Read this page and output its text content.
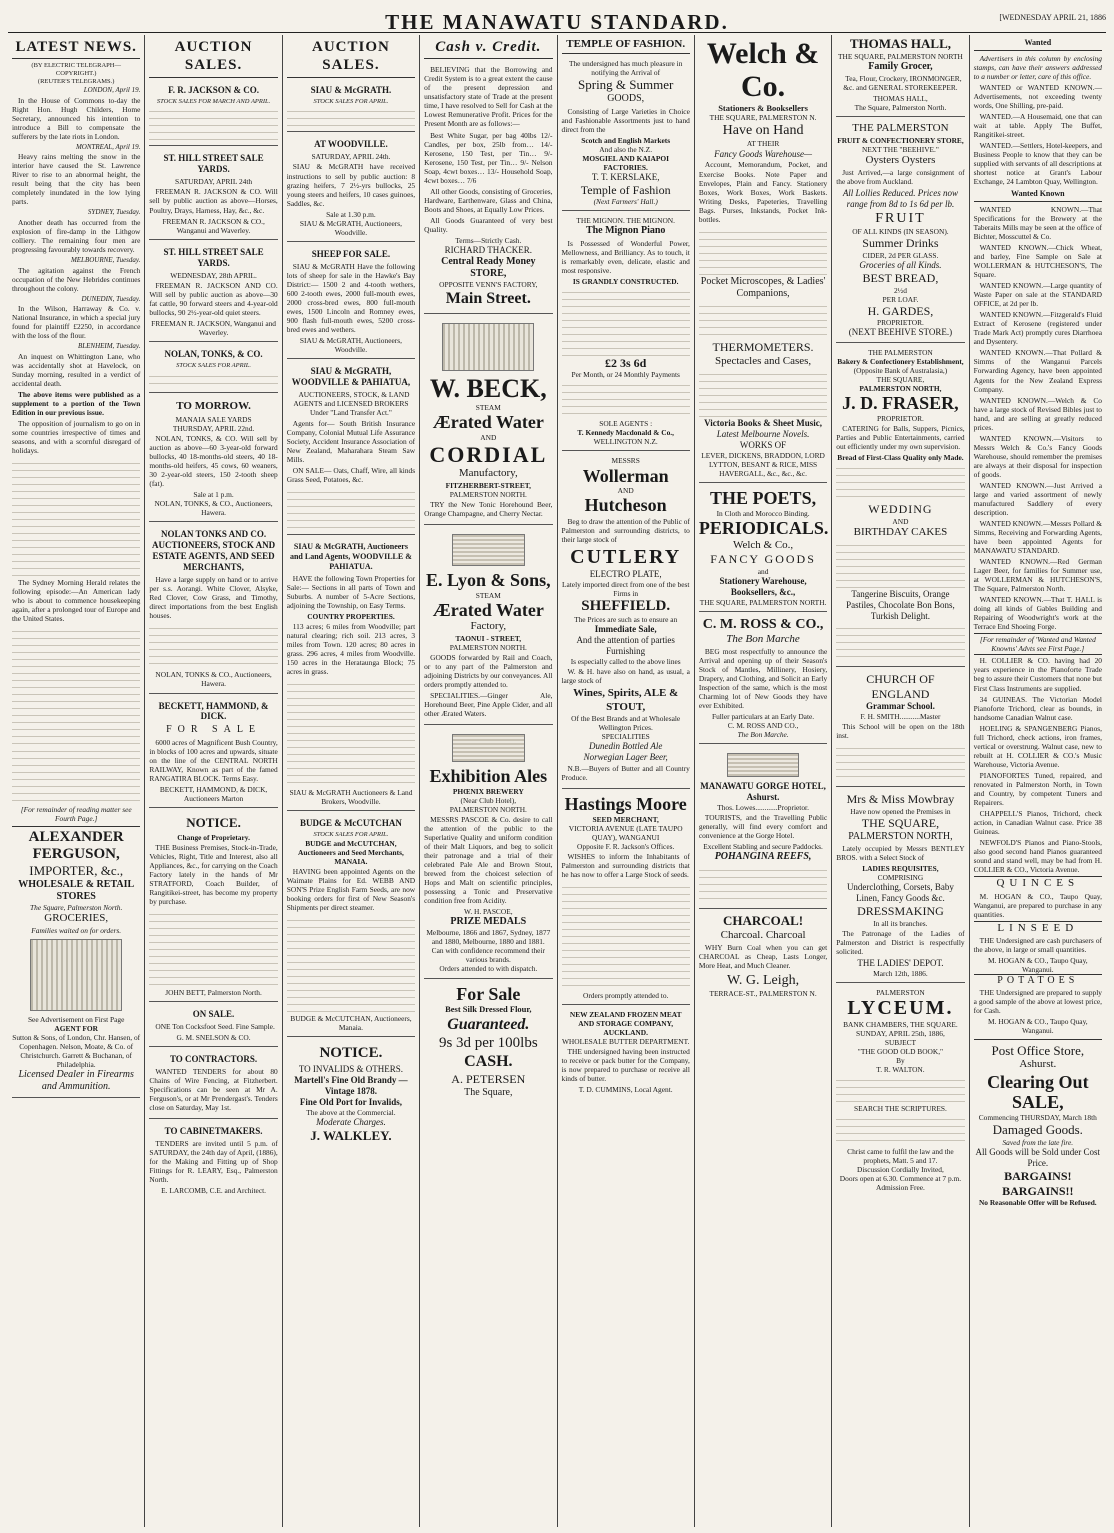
THE MANAWATU STANDARD.	[WEDNESDAY APRIL 21, 1886
LATEST NEWS.
(BY ELECTRIC TELEGRAPH—COPYRIGHT.)
(REUTER'S TELEGRAMS.)
LONDON, April 19.

In the House of Commons to-day the Right Hon. Hugh Childers, Home Secretary, announced his intention to introduce a Bill to compensate the sufferers by the late riots in London.

MONTREAL, April 19.

Heavy rains melting the snow in the interior have caused the St. Lawrence River to rise to an abnormal height, the result being that the city has been completely inundated in the low lying parts.

SYDNEY, Tuesday.

Another death has occurred from the explosion of fire-damp in the Lithgow colliery. The remaining four men are progressing favourably towards recovery.

MELBOURNE, Tuesday.

The agitation against the French occupation of the New Hebrides continues throughout the colony.

DUNEDIN, Tuesday.

In the Wilson, Harraway & Co. v. National Insurance, in which a special jury found for plaintiff £2250, in accordance with the loss of the flour.

BLENHEIM, Tuesday.

An inquest on Whittington Lane, who was accidentally shot at Havelock, on Sunday morning, resulted in a verdict of accidental death.

The above items were published as a supplement to a portion of the Town Edition in our previous issue.

The opposition of journalism to go on in some countries irrespective of times and seasons, and with a scornful disregard of holidays.

The Sydney Morning Herald relates the following episode:—An American lady who is about to commence housekeeping again, after a prolonged tour of Europe and the United States.

[For remainder of reading matter see Fourth Page.]
ALEXANDER FERGUSON,
IMPORTER, &c.,
WHOLESALE & RETAIL STORES
The Square, Palmerston North.
GROCERIES,
Families waited on for orders.
See Advertisement on First Page
AGENT FOR
Sutton & Sons, of London, Chr. Hansen, of Copenhagen. Nelson, Moate, & Co. of Christchurch. Garrett & Buchanan, of Philadelphia.
Licensed Dealer in Firearms and Ammunition.
AUCTION SALES.
F. R. JACKSON & CO.
STOCK SALES FOR MARCH AND APRIL.
ST. HILL STREET SALE YARDS.
SATURDAY, APRIL 24th

FREEMAN R. JACKSON & CO. Will sell by public auction as above—Horses, Poultry, Drays, Harness, Hay, &c., &c.

FREEMAN R. JACKSON & CO., Wanganui and Waverley.
ST. HILL STREET SALE YARDS.
WEDNESDAY, 28th APRIL.

FREEMAN R. JACKSON AND CO. Will sell by public auction as above—30 fat cattle, 90 forward steers and 4-year-old bullocks, 90 2½-year-old quiet steers.

FREEMAN R. JACKSON, Wanganui and Waverley.
NOLAN, TONKS, & CO.
STOCK SALES FOR APRIL.
TO MORROW.
MANAIA SALE YARDS
THURSDAY, APRIL 22nd.

NOLAN, TONKS, & CO. Will sell by auction as above—60 3-year-old forward bullocks, 40 18-months-old steers, 40 18-months-old heifers, 45 cows, 60 weaners, 30 2-year-old steers, 150 2-tooth sheep (fat).

Sale at 1 p.m.
NOLAN, TONKS, & CO., Auctioneers, Hawera.
NOLAN TONKS AND CO. AUCTIONEERS, STOCK AND ESTATE AGENTS, AND SEED MERCHANTS,

Have a large supply on hand or to arrive per s.s. Aorangi. White Clover, Alsyke, Red Clover, Cow Grass, and Timothy, direct importations from the best English houses.

NOLAN, TONKS & CO., Auctioneers, Hawera.
BECKETT, HAMMOND, & DICK.
FOR SALE

6000 acres of Magnificent Bush Country, in blocks of 100 acres and upwards, situate on the line of the CENTRAL NORTH RAILWAY, Known as part of the famed RANGATIRA BLOCK. Terms Easy.

BECKETT, HAMMOND, & DICK, Auctioneers Marton
NOTICE.
Change of Proprietary.

THE Business Premises, Stock-in-Trade, Vehicles, Right, Title and Interest, also all Appliances, &c., for carrying on the Coach Factory lately in the hands of Mr STRATFORD, Coach Builder, of Rangitikei-street, has become my property by purchase.

JOHN BETT, Palmerston North.
ON SALE.

ONE Ton Cocksfoot Seed. Fine Sample.

G. M. SNELSON & CO.
TO CONTRACTORS.

WANTED TENDERS for about 80 Chains of Wire Fencing, at Fitzherbert. Specifications can be seen at Mr A. Ferguson's, or at Mr Prendergast's. Tenders close on Saturday, May 1st.

TO CABINETMAKERS.

TENDERS are invited until 5 p.m. of SATURDAY, the 24th day of April, (1886), for the Making and Fitting up of Shop Fittings for R. LEARY, Esq., Palmerston North.

E. LARCOMB, C.E. and Architect.
AUCTION SALES.
SIAU & McGRATH.
STOCK SALES FOR APRIL.
AT WOODVILLE.
SATURDAY, APRIL 24th.

SIAU & McGRATH have received instructions to sell by public auction: 8 grazing heifers, 7 2½-yrs bullocks, 25 young steers and heifers, 10 cases guinoes, Saddles, &c.

Sale at 1.30 p.m.
SIAU & McGRATH, Auctioneers, Woodville.
SHEEP FOR SALE.

SIAU & McGRATH Have the following lots of sheep for sale in the Hawke's Bay District:— 1500 2 and 4-tooth wethers, 600 2-tooth ewes, 2000 full-mouth ewes, 2000 cross-bred ewes, 800 full-mouth ewes, 1500 Lincoln and Romney ewes, 900 flash full-mouth ewes, 5200 cross-bred ewes and wethers.

SIAU & McGRATH, Auctioneers, Woodville.
SIAU & McGRATH, WOODVILLE & PAHIATUA,

AUCTIONEERS, STOCK, & LAND AGENTS and LICENSED BROKERS Under "Land Transfer Act."

Agents for— South British Insurance Company, Colonial Mutual Life Assurance Society, Accident Insurance Association of New Zealand, Maharahara Steam Saw Mills.

ON SALE— Oats, Chaff, Wire, all kinds Grass Seed, Potatoes, &c.

SIAU & McGRATH, Auctioneers and Land Agents, WOODVILLE & PAHIATUA.

HAVE the following Town Properties for Sale:— Sections in all parts of Town and Suburbs. A number of 5-Acre Sections, adjoining the Township, on Easy Terms.

COUNTRY PROPERTIES.

113 acres; 6 miles from Woodville; part natural clearing; rich soil. 213 acres, 3 miles from Town. 120 acres; 80 acres in grass. 296 acres, 4 miles from Woodville. 150 acres in the Herataunga Block; 75 acres in grass.

SIAU & McGRATH Auctioneers & Land Brokers, Woodville.
BUDGE & McCUTCHAN
STOCK SALES FOR APRIL.
BUDGE and McCUTCHAN, Auctioneers and Seed Merchants, MANAIA.

HAVING been appointed Agents on the Waimate Plains for Ed. WEBB AND SON'S Prize English Farm Seeds, are now booking orders for first of New Season's Shipments per direct steamer.

BUDGE & McCUTCHAN, Auctioneers, Manaia.
NOTICE.
TO INVALIDS & OTHERS.
Martell's Fine Old Brandy — Vintage 1878.
Fine Old Port for Invalids,
The above at the Commercial.
Moderate Charges.
J. WALKLEY.
Cash v. Credit.

BELIEVING that the Borrowing and Credit System is to a great extent the cause of the present depression and unsatisfactory state of Trade at the present time, I have resolved to Sell for Cash at the Lowest Remunerative Profit. Prices for the Present Month are as follows:—

Best White Sugar, per bag 40lbs 12/- Candles, per box, 25lb from… 14/- Kerosene, 150 Test, per Tin… 9/- Kerosene, 150 Test, per Tin… 9/- Nelson Soap, 4cwt boxes… 13/- Household Soap, 4cwt boxes… 7/6

All other Goods, consisting of Groceries, Hardware, Earthenware, Glass and China, Boots and Shoes, at Equally Low Prices.

All Goods Guaranteed of very best Quality.

Terms—Strictly Cash.
RICHARD THACKER.
Central Ready Money STORE,
OPPOSITE VENN'S FACTORY,
Main Street.
W. BECK,
STEAM
Ærated Water
AND
CORDIAL
Manufactory,
FITZHERBERT-STREET,
PALMERSTON NORTH.

TRY the New Tonic Horehound Beer, Orange Champagne, and Cherry Nectar.

E. Lyon & Sons,
STEAM
Ærated Water
Factory,
TAONUI - STREET,
PALMERSTON NORTH.

GOODS forwarded by Rail and Coach, or to any part of the Palmerston and adjoining Districts by our conveyances. All orders promptly attended to.

SPECIALITIES.—Ginger Ale, Horehound Beer, Pine Apple Cider, and all other Ærated Waters.

Exhibition Ales
PHŒNIX BREWERY
(Near Club Hotel),
PALMERSTON NORTH.

MESSRS PASCOE & Co. desire to call the attention of the public to the Superlative Quality and uniform condition of their Malt Liquors, and beg to solicit their patronage and a trial of their celebrated Pale Ale and Brown Stout, brewed from the choicest selection of Hops and Malt on scientific principles, possessing a Tonic and Preservative condition free from Acidity.

W. H. PASCOE,
PRIZE MEDALS
Melbourne, 1866 and 1867, Sydney, 1877 and 1880, Melbourne, 1880 and 1881.
Can with confidence recommend their various brands.
Orders attended to with dispatch.
For Sale
Best Silk Dressed Flour,
Guaranteed.
9s 3d per 100lbs
CASH.
A. PETERSEN
The Square,
TEMPLE OF FASHION.
The undersigned has much pleasure in notifying the Arrival of
Spring & Summer
GOODS,

Consisting of Large Varieties in Choice and Fashionable Assortments just to hand direct from the

Scotch and English Markets
And also the N.Z.
MOSGIEL AND KAIAPOI FACTORIES.
T. T. KERSLAKE,
Temple of Fashion
(Next Farmers' Hall.)
THE MIGNON. THE MIGNON.
The Mignon Piano

Is Possessed of Wonderful Power, Mellowness, and Brilliancy. As to touch, it is remarkably even, delicate, elastic and most responsive.

IS GRANDLY CONSTRUCTED.
£2 3s 6d
Per Month, or 24 Monthly Payments
SOLE AGENTS :
T. Kennedy Macdonald & Co.,
WELLINGTON N.Z.
MESSRS
Wollerman
AND
Hutcheson

Beg to draw the attention of the Public of Palmerston and surrounding districts, to their large stock of

CUTLERY
ELECTRO PLATE,
Lately imported direct from one of the best Firms in
SHEFFIELD.
The Prices are such as to ensure an
Immediate Sale,
And the attention of parties Furnishing
Is especially called to the above lines

W. & H. have also on hand, as usual, a large stock of

Wines, Spirits, ALE & STOUT,
Of the Best Brands and at Wholesale Wellington Prices.
SPECIALITIES
Dunedin Bottled Ale
Norwegian Lager Beer,

N.B.—Buyers of Butter and all Country Produce.

Hastings Moore
SEED MERCHANT,
VICTORIA AVENUE (LATE TAUPO QUAY), WANGANUI
Opposite F. R. Jackson's Offices.

WISHES to inform the Inhabitants of Palmerston and surrounding districts that he has now to offer a Large Stock of seeds.

Orders promptly attended to.
NEW ZEALAND FROZEN MEAT AND STORAGE COMPANY, AUCKLAND.
WHOLESALE BUTTER DEPARTMENT.

THE undersigned having been instructed to receive or pack butter for the Company, is now prepared to purchase or receive all kinds of butter.

T. D. CUMMINS, Local Agent.
Welch & Co.
Stationers & Booksellers
THE SQUARE, PALMERSTON N.
Have on Hand
AT THEIR
Fancy Goods Warehouse—

Account, Memorandum, Pocket, and Exercise Books. Note Paper and Envelopes, Plain and Fancy. Stationery Boxes, Work Boxes, Work Baskets. Writing Desks, Papeteries, Travelling Bags. Purses, Inkstands, Pocket Ink-bottles.

Pocket Microscopes, & Ladies' Companions,
THERMOMETERS.
Spectacles and Cases,
Victoria Books & Sheet Music,
Latest Melbourne Novels.
WORKS OF
LEVER, DICKENS, BRADDON, LORD LYTTON, BESANT & RICE, MISS HAVERGALL, &c., &c., &c.
THE POETS,
In Cloth and Morocco Binding.
PERIODICALS.
Welch & Co.,
FANCY GOODS
and
Stationery Warehouse, Booksellers, &c.,
THE SQUARE, PALMERSTON NORTH.
C. M. ROSS & CO.,
The Bon Marche

BEG most respectfully to announce the Arrival and opening up of their Season's Stock of Mantles, Millinery, Hosiery, Drapery, and Clothing, and Solicit an Early Inspection of the same, which is the most Charming lot of New Goods they have ever Exhibited.

Fuller particulars at an Early Date.
C. M. ROSS AND CO.,
The Bon Marche.
MANAWATU GORGE HOTEL, Ashurst.
Thos. Lowes............Proprietor.

TOURISTS, and the Travelling Public generally, will find every comfort and convenience at the Gorge Hotel.

Excellent Stabling and secure Paddocks.
POHANGINA REEFS,
CHARCOAL!
Charcoal. Charcoal

WHY Burn Coal when you can get CHARCOAL as Cheap, Lasts Longer, More Heat, and Much Cleaner.

W. G. Leigh,
TERRACE-ST., PALMERSTON N.
THOMAS HALL,
THE SQUARE, PALMERSTON NORTH
Family Grocer,

Tea, Flour, Crockery, IRONMONGER, &c. and GENERAL STOREKEEPER.

THOMAS HALL,
The Square, Palmerston North.
THE PALMERSTON
FRUIT & CONFECTIONERY STORE,
NEXT THE "BEEHIVE."
Oysters Oysters

Just Arrived,—a large consignment of the above from Auckland.

All Lollies Reduced. Prices now range from 8d to 1s 6d per lb.
FRUIT
OF ALL KINDS (IN SEASON).
Summer Drinks
CIDER, 2d PER GLASS.
Groceries of all Kinds.
BEST BREAD,
2½d
PER LOAF.
H. GARDES,
PROPRIETOR.
(NEXT BEEHIVE STORE.)
THE PALMERSTON
Bakery & Confectionery Establishment,
(Opposite Bank of Australasia,)
THE SQUARE,
PALMERSTON NORTH,
J. D. FRASER,
PROPRIETOR.

CATERING for Balls, Suppers, Picnics, Parties and Public Entertainments, carried out efficiently under my own supervision.

Bread of First-Class Quality only Made.
WEDDING
AND
BIRTHDAY CAKES
Tangerine Biscuits, Orange Pastiles, Chocolate Bon Bons, Turkish Delight.
CHURCH OF ENGLAND
Grammar School.
F. H. SMITH...........Master

This School will be open on the 18th inst.

Mrs & Miss Mowbray
Have now opened the Premises in
THE SQUARE,
PALMERSTON NORTH,

Lately occupied by Messrs BENTLEY BROS. with a Select Stock of

LADIES REQUISITES,
COMPRISING
Underclothing, Corsets, Baby Linen, Fancy Goods &c.
DRESSMAKING
In all its branches.

The Patronage of the Ladies of Palmerston and District is respectfully solicited.

THE LADIES' DEPOT.
March 12th, 1886.
PALMERSTON
LYCEUM.
BANK CHAMBERS, THE SQUARE.
SUNDAY, APRIL 25th, 1886,
SUBJECT
"THE GOOD OLD BOOK,"
By
T. R. WALTON.
SEARCH THE SCRIPTURES.
Christ came to fulfil the law and the prophets, Matt. 5 and 17.
Discussion Cordially Invited,
Doors open at 6.30. Commence at 7 p.m. Admission Free.
Wanted

Advertisers in this column by enclosing stamps, can have their answers addressed to a number or letter, care of this office.

WANTED or WANTED KNOWN.—Advertisements, not exceeding twenty words, One Shilling, pre-paid.

WANTED.—A Housemaid, one that can wait at table. Apply The Buffet, Rangitikei-street.

WANTED.—Settlers, Hotel-keepers, and Business People to know that they can be supplied with servants of all descriptions at shortest notice at Grant's Labour Exchange, 24 Lambton Quay, Wellington.

Wanted Known

WANTED KNOWN.—That Specifications for the Brewery at the Taberaits Mills may be seen at the office of Bichter, Mosscuttel & Co.

WANTED KNOWN.—Chick Wheat, and barley, Fine Sample on Sale at WOLLERMAN & HUTCHESON'S, The Square.

WANTED KNOWN.—Large quantity of Waste Paper on sale at the STANDARD OFFICE, at 2d per lb.

WANTED KNOWN.—Fitzgerald's Fluid Extract of Kerosene (registered under Trade Mark Act) promptly cures Diarrhoea and Dysentery.

WANTED KNOWN.—That Pollard & Simms of the Wanganui Parcels Forwarding Agency, have been appointed Agents for the New Zealand Express Company.

WANTED KNOWN.—Welch & Co have a large stock of Revised Bibles just to hand, and are selling at greatly reduced prices.

WANTED KNOWN.—Visitors to Messrs Welch & Co.'s Fancy Goods Warehouse, should remember the premises are always at their disposal for inspection of goods.

WANTED KNOWN.—Just Arrived a large and varied assortment of newly manufactured Saddlery of every description.

WANTED KNOWN.—Messrs Pollard & Simms, Receiving and Forwarding Agents, have been appointed Agents for MANAWATU STANDARD.

WANTED KNOWN.—Red German Lager Beer, for families for Summer use, at WOLLERMAN & HUTCHESON'S, The Square, Palmerston North.

WANTED KNOWN.—That T. HALL is doing all kinds of Gables Building and Repairing of Woodwright's work at the Terrace End Shoeing Forge.

[For remainder of 'Wanted and Wanted Knowns' Advts see First Page.]

H. COLLIER & CO. having had 20 years experience in the Pianoforte Trade beg to assure their Customers that none but First Class Instruments are supplied.

34 GUINEAS. The Victorian Model Pianoforte Trichord, clear as bounds, in handsome Canadian Walnut case.

HOELING & SPANGENBERG Pianos, full Trichord, check actions, iron frames, vertical or overstrung. Walnut case, new to rebuilt at H. COLLIER & CO.'s Music Warehouse, Victoria Avenue.

PIANOFORTES Tuned, repaired, and renovated in Palmerston North, in Town and Country, by competent Tuners and Repairers.

CHAPPELL'S Pianos, Trichord, check action, in Canadian Walnut case. Price 38 Guineas.

NEWFOLD'S Pianos and Piano-Stools, also good second hand Pianos guaranteed sound and stand well, may be had from H. COLLIER & CO., Victoria Avenue.

QUINCES

M. HOGAN & CO., Taupo Quay, Wanganui, are prepared to purchase in any quantities.

LINSEED

THE Undersigned are cash purchasers of the above, in large or small quantities.

M. HOGAN & CO., Taupo Quay, Wanganui.
POTATOES

THE Undersigned are prepared to supply a good sample of the above at lowest price, for Cash.

M. HOGAN & CO., Taupo Quay, Wanganui.
Post Office Store,
Ashurst.
Clearing Out SALE,
Commencing THURSDAY, March 18th
Damaged Goods.
Saved from the late fire.
All Goods will be Sold under Cost Price.
BARGAINS! BARGAINS!!
No Reasonable Offer will be Refused.
